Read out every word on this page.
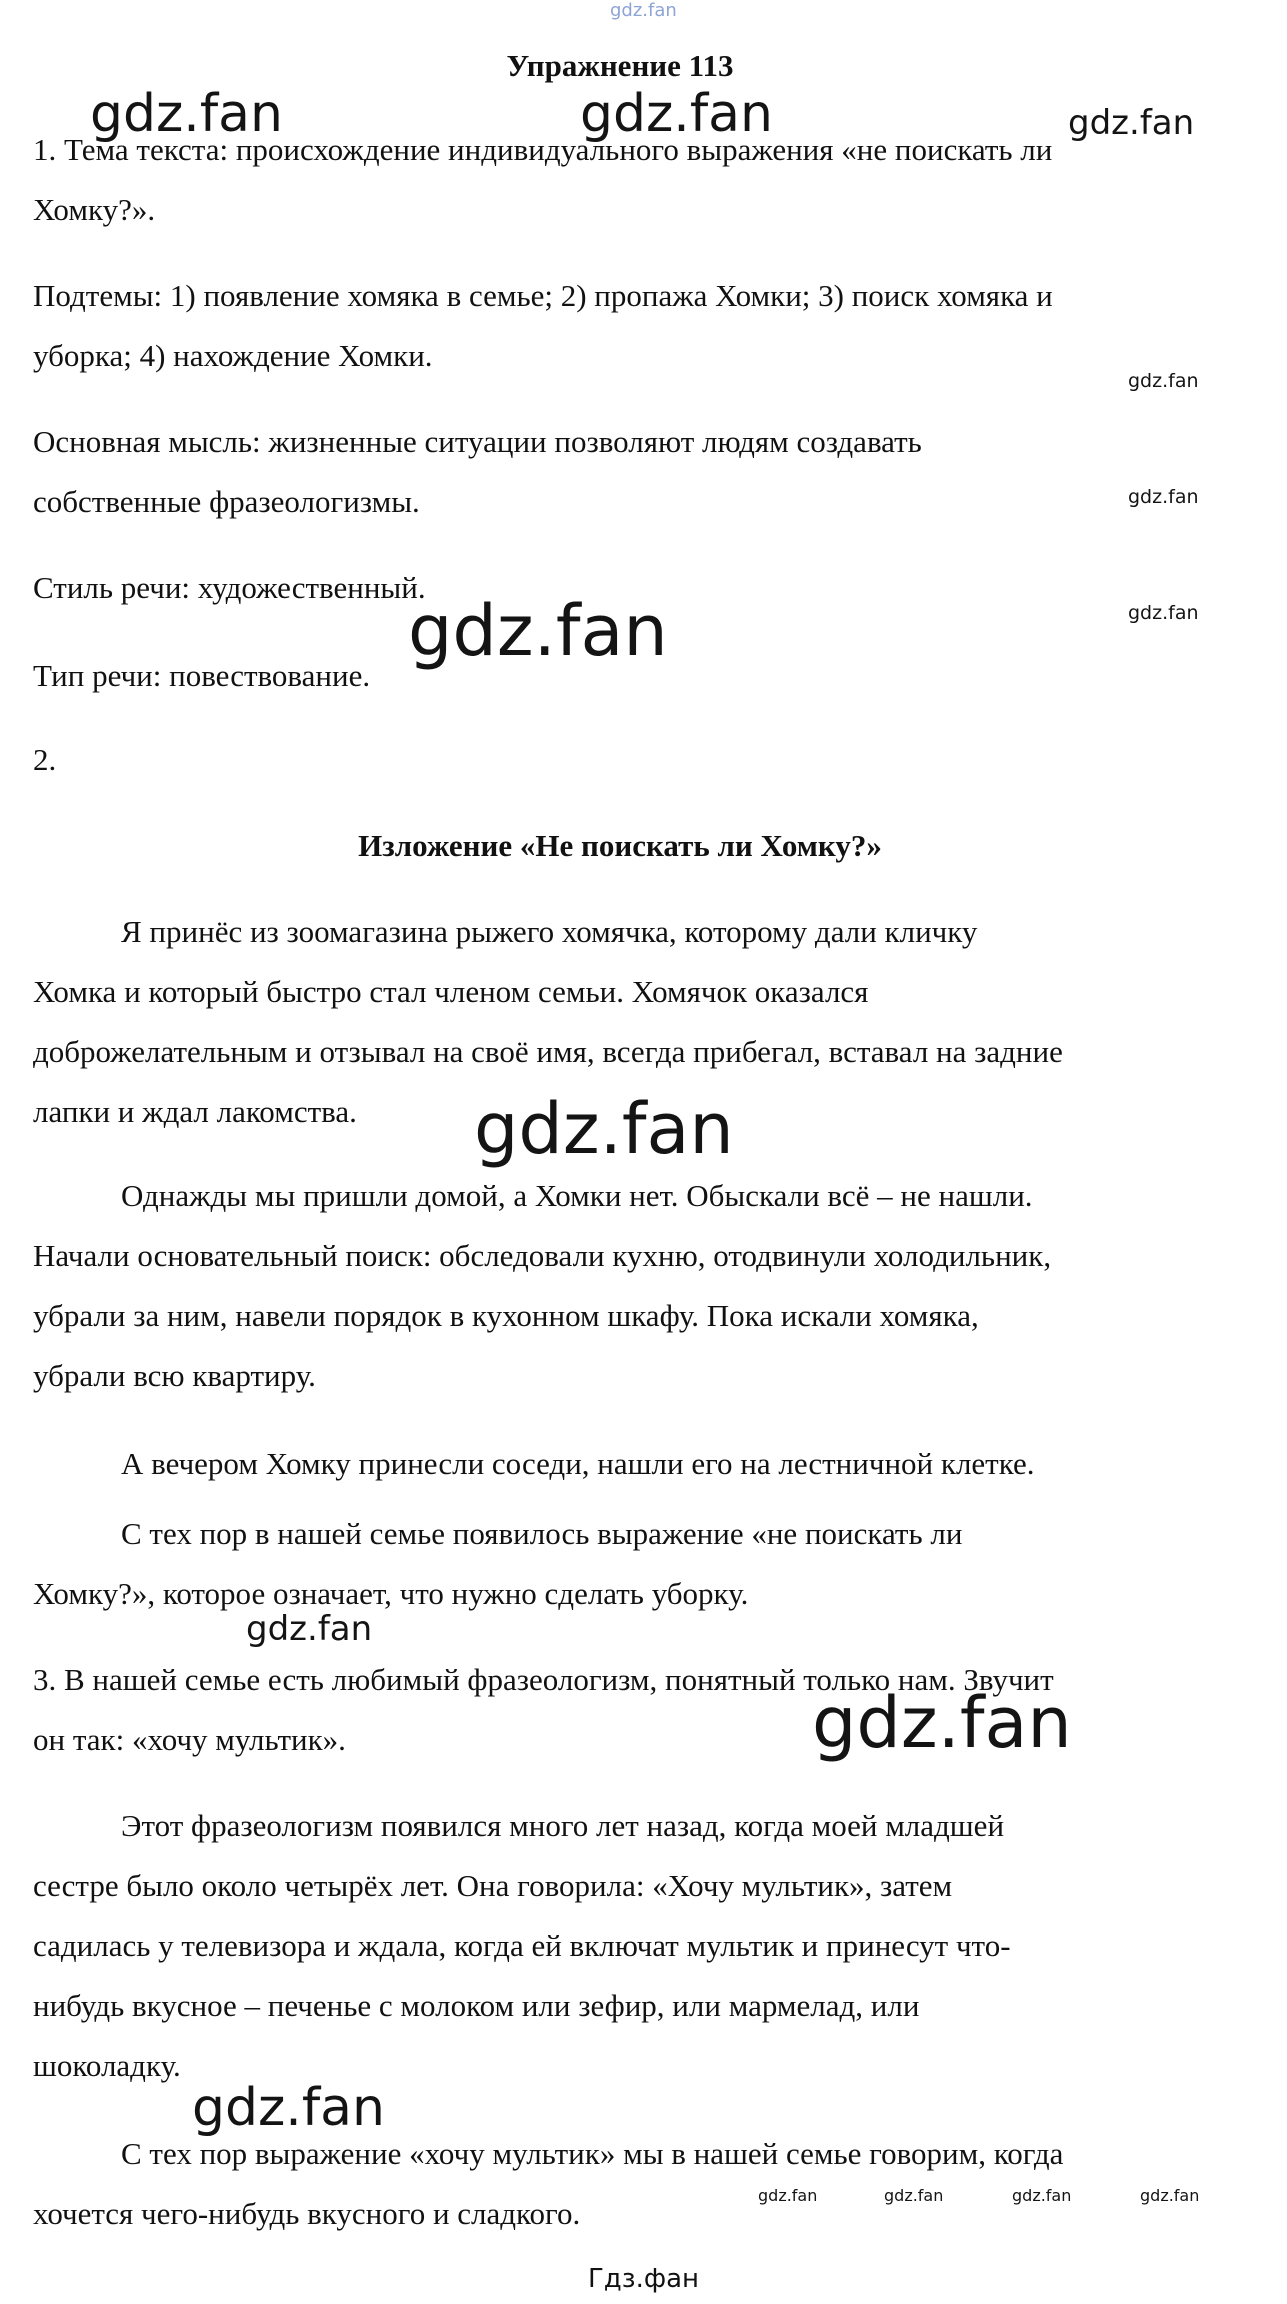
gdz.fan
Упражнение 113
1. Тема текста: происхождение индивидуального выражения «не поискать ли
Хомку?».
Подтемы: 1) появление хомяка в семье; 2) пропажа Хомки; 3) поиск хомяка и
уборка; 4) нахождение Хомки.
Основная мысль: жизненные ситуации позволяют людям создавать
собственные фразеологизмы.
Стиль речи: художественный.
Тип речи: повествование.
2.
Изложение «Не поискать ли Хомку?»
Я принёс из зоомагазина рыжего хомячка, которому дали кличку
Хомка и который быстро стал членом семьи. Хомячок оказался
доброжелательным и отзывал на своё имя, всегда прибегал, вставал на задние
лапки и ждал лакомства.
Однажды мы пришли домой, а Хомки нет. Обыскали всё – не нашли.
Начали основательный поиск: обследовали кухню, отодвинули холодильник,
убрали за ним, навели порядок в кухонном шкафу. Пока искали хомяка,
убрали всю квартиру.
А вечером Хомку принесли соседи, нашли его на лестничной клетке.
С тех пор в нашей семье появилось выражение «не поискать ли
Хомку?», которое означает, что нужно сделать уборку.
3. В нашей семье есть любимый фразеологизм, понятный только нам. Звучит
он так: «хочу мультик».
Этот фразеологизм появился много лет назад, когда моей младшей
сестре было около четырёх лет. Она говорила: «Хочу мультик», затем
садилась у телевизора и ждала, когда ей включат мультик и принесут что-
нибудь вкусное – печенье с молоком или зефир, или мармелад, или
шоколадку.
С тех пор выражение «хочу мультик» мы в нашей семье говорим, когда
хочется чего-нибудь вкусного и сладкого.
gdz.fan	gdz.fan	gdz.fan
gdz.fan
gdz.fan
gdz.fan
gdz.fan
gdz.fan
gdz.fan
gdz.fan
gdz.fan
gdz.fan	gdz.fan	gdz.fan	gdz.fan
Гдз.фан
